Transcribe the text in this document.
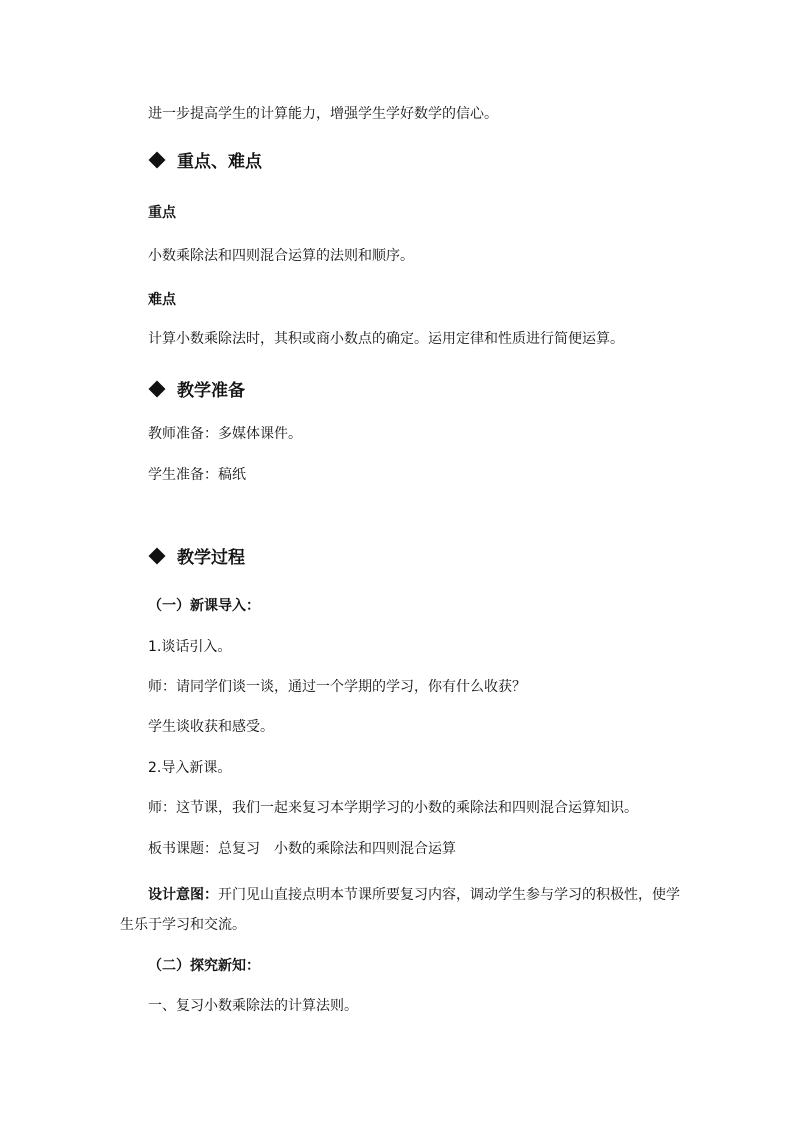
进一步提高学生的计算能力，增强学生学好数学的信心。
重点、难点
重点
小数乘除法和四则混合运算的法则和顺序。
难点
计算小数乘除法时，其积或商小数点的确定。运用定律和性质进行简便运算。
教学准备
教师准备：多媒体课件。
学生准备：稿纸
教学过程
（一）新课导入：
1.谈话引入。
师：请同学们谈一谈，通过一个学期的学习，你有什么收获？
学生谈收获和感受。
2.导入新课。
师：这节课，我们一起来复习本学期学习的小数的乘除法和四则混合运算知识。
板书课题：总复习　小数的乘除法和四则混合运算
设计意图：开门见山直接点明本节课所要复习内容，调动学生参与学习的积极性，使学生乐于学习和交流。
（二）探究新知：
一、复习小数乘除法的计算法则。
